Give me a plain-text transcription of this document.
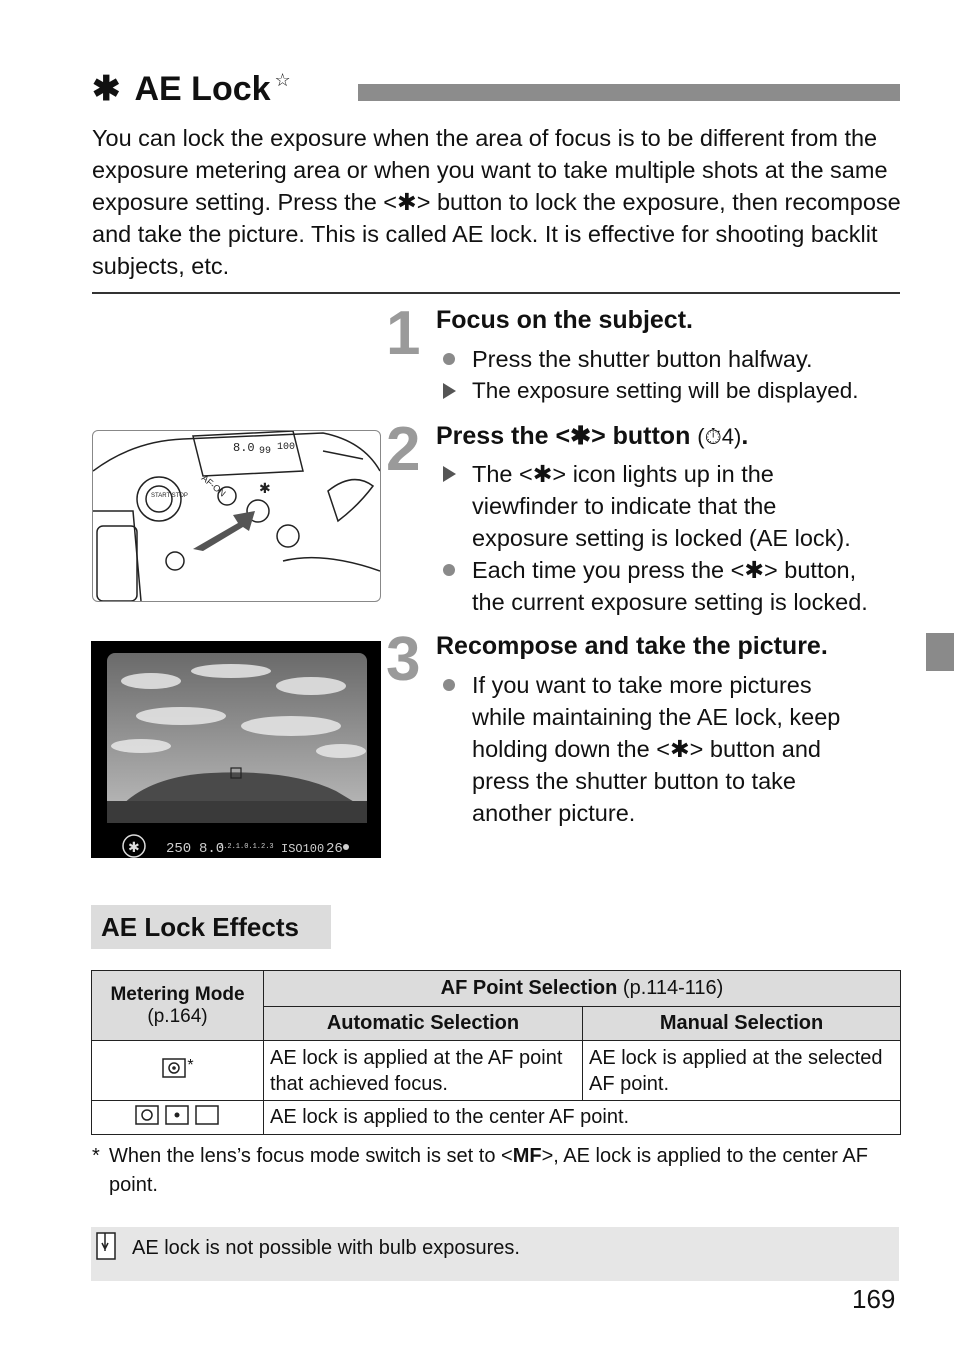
✱ AE Lock ☆
You can lock the exposure when the area of focus is to be different from the exposure metering area or when you want to take multiple shots at the same exposure setting. Press the <✱> button to lock the exposure, then recompose and take the picture. This is called AE lock. It is effective for shooting backlit subjects, etc.
1 Focus on the subject.
Press the shutter button halfway.
The exposure setting will be displayed.
2 Press the <✱> button (⏱4).
The <✱> icon lights up in the
viewfinder to indicate that the
exposure setting is locked (AE lock).
Each time you press the <✱> button,
the current exposure setting is locked.
3 Recompose and take the picture.
If you want to take more pictures
while maintaining the AE lock, keep
holding down the <✱> button and
press the shutter button to take
another picture.
AF-ON
START STOP
8.0 99 100
✱
✱ 250 8.0
3.2.1.0.1.2.3 ISO100 26
AE Lock Effects
Metering Mode
(p.164)	AF Point Selection (p.114-116)	
	Automatic Selection	Manual Selection
*	AE lock is applied at the AF point that achieved focus.	AE lock is applied at the selected AF point.
	AE lock is applied to the center AF point.	
* When the lens’s focus mode switch is set to <MF>, AE lock is applied to the center AF point.
AE lock is not possible with bulb exposures.
169
